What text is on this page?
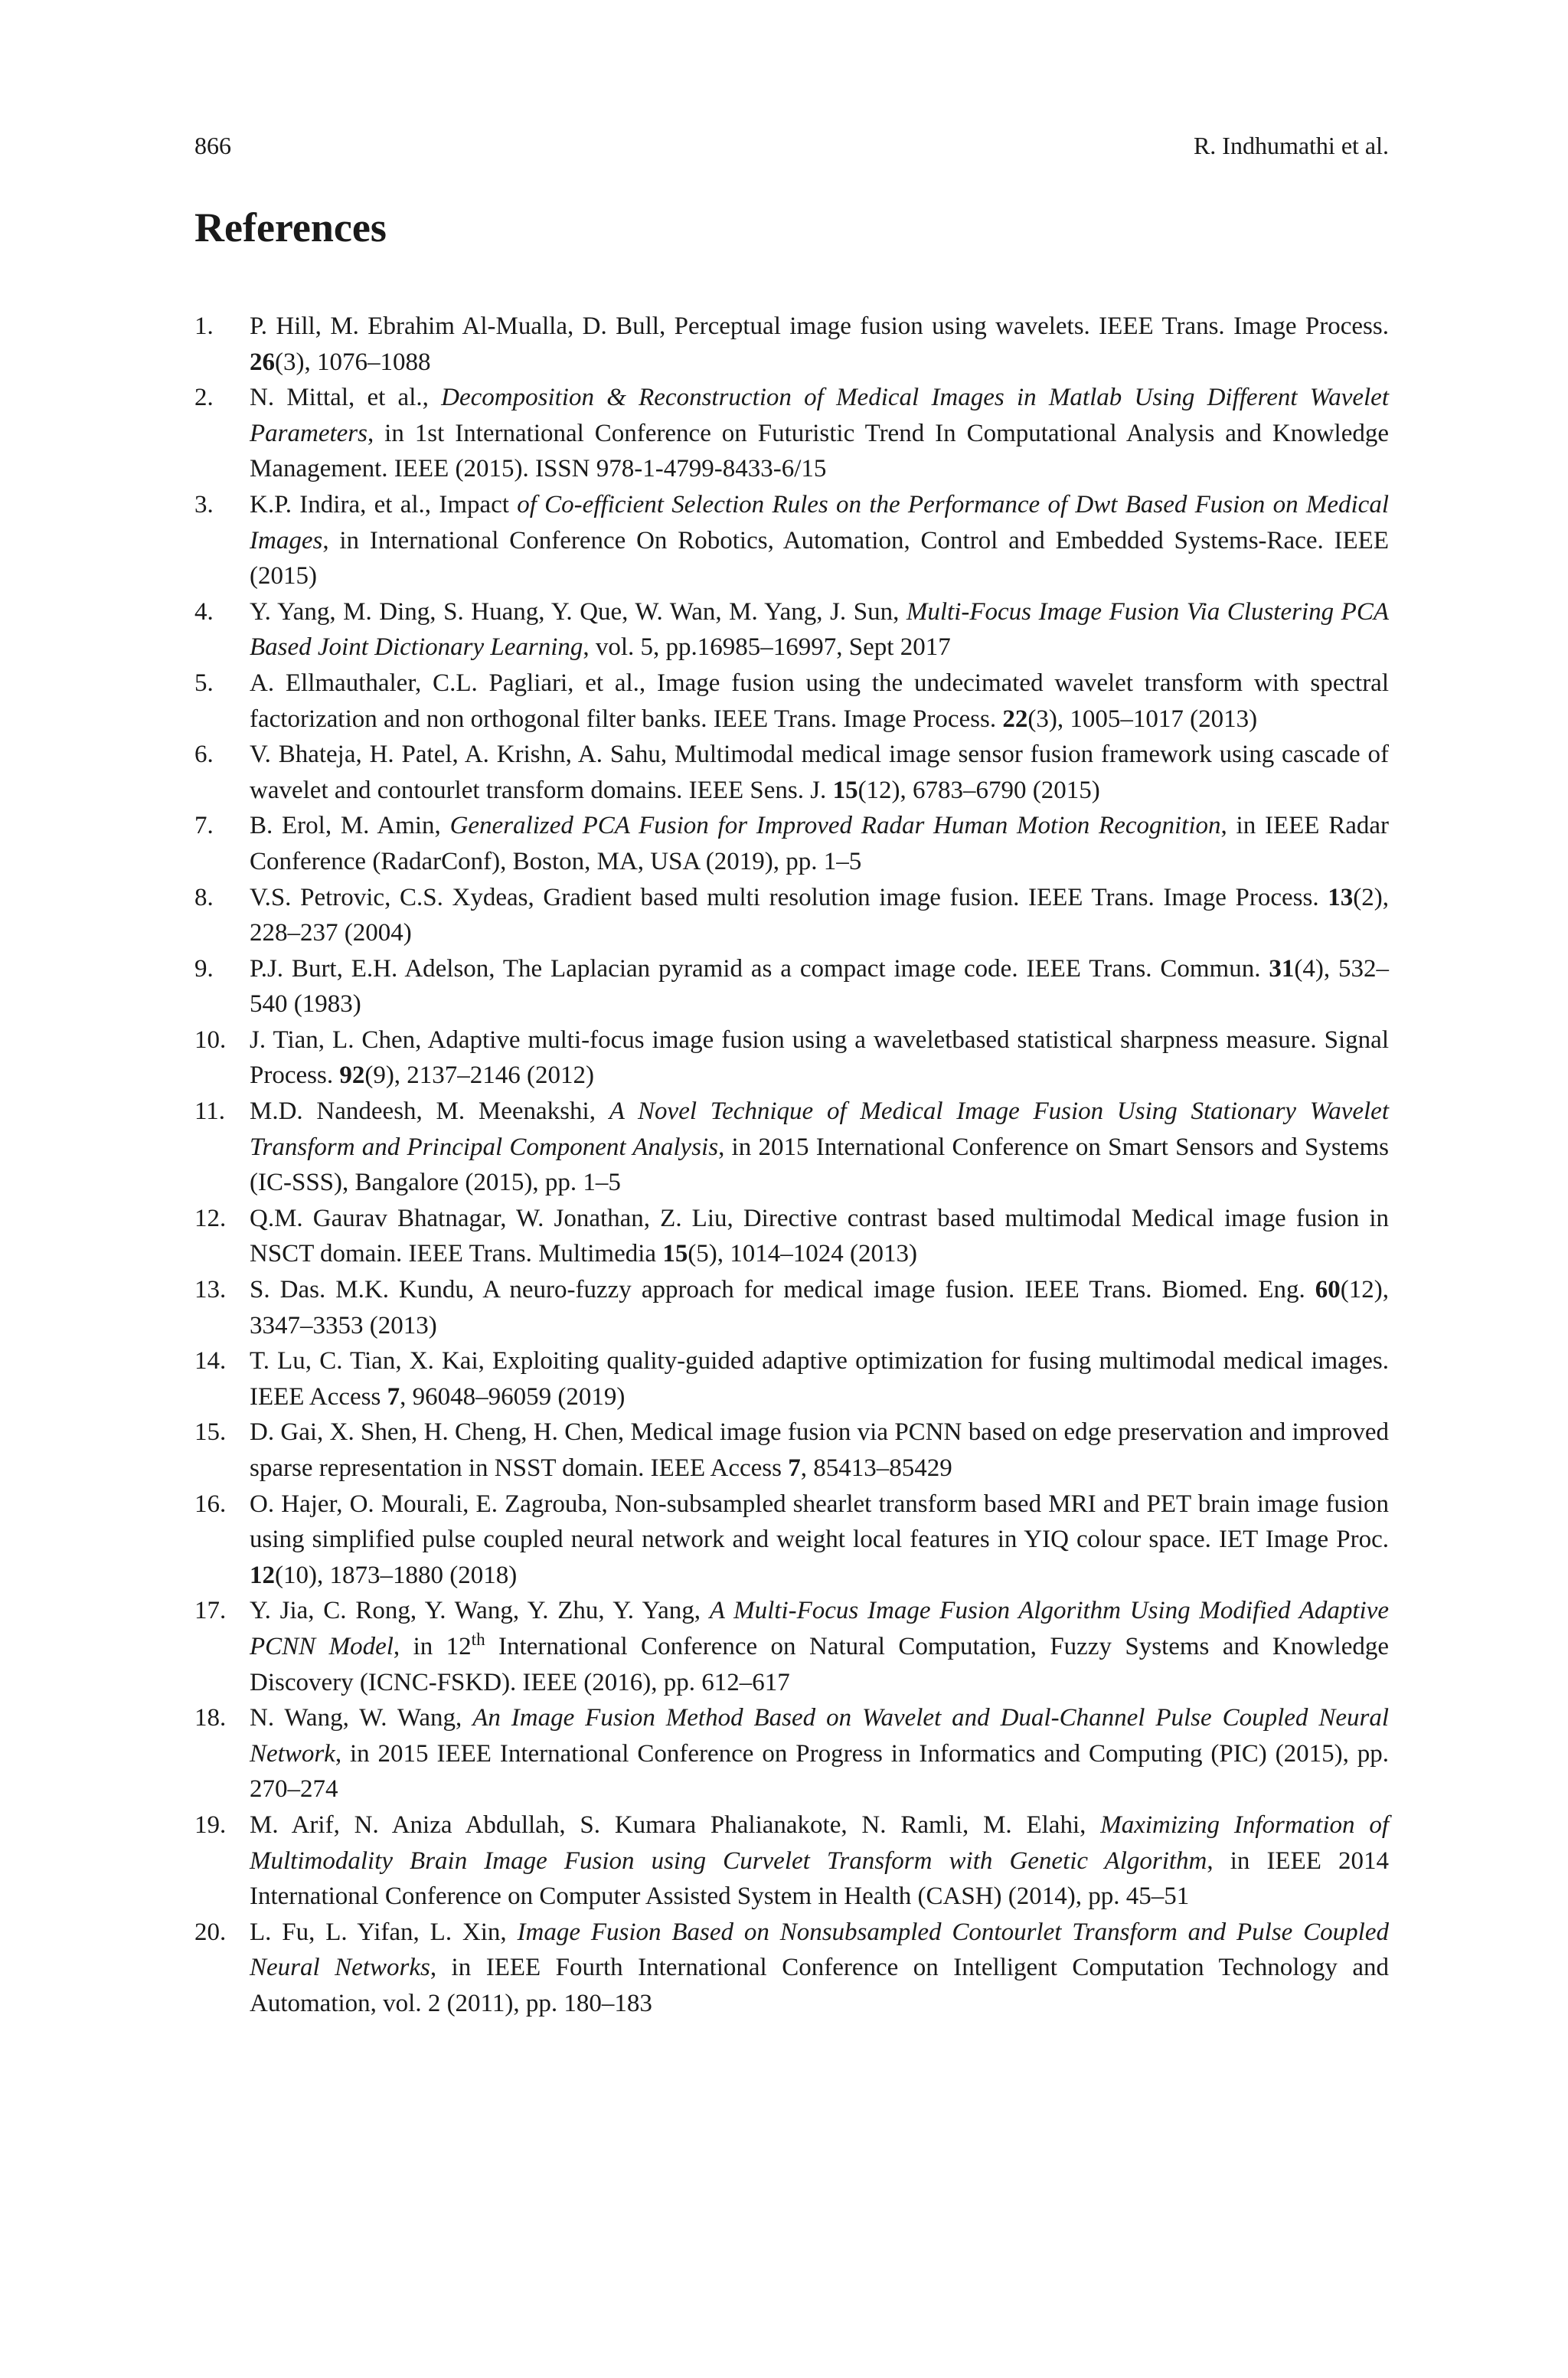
866	R. Indhumathi et al.
References
1.	P. Hill, M. Ebrahim Al-Mualla, D. Bull, Perceptual image fusion using wavelets. IEEE Trans. Image Process. 26(3), 1076–1088
2.	N. Mittal, et al., Decomposition & Reconstruction of Medical Images in Matlab Using Different Wavelet Parameters, in 1st International Conference on Futuristic Trend In Computational Analysis and Knowledge Management. IEEE (2015). ISSN 978-1-4799-8433-6/15
3.	K.P. Indira, et al., Impact of Co-efficient Selection Rules on the Performance of Dwt Based Fusion on Medical Images, in International Conference On Robotics, Automation, Control and Embedded Systems-Race. IEEE (2015)
4.	Y. Yang, M. Ding, S. Huang, Y. Que, W. Wan, M. Yang, J. Sun, Multi-Focus Image Fusion Via Clustering PCA Based Joint Dictionary Learning, vol. 5, pp.16985–16997, Sept 2017
5.	A. Ellmauthaler, C.L. Pagliari, et al., Image fusion using the undecimated wavelet transform with spectral factorization and non orthogonal filter banks. IEEE Trans. Image Process. 22(3), 1005–1017 (2013)
6.	V. Bhateja, H. Patel, A. Krishn, A. Sahu, Multimodal medical image sensor fusion framework using cascade of wavelet and contourlet transform domains. IEEE Sens. J. 15(12), 6783–6790 (2015)
7.	B. Erol, M. Amin, Generalized PCA Fusion for Improved Radar Human Motion Recognition, in IEEE Radar Conference (RadarConf), Boston, MA, USA (2019), pp. 1–5
8.	V.S. Petrovic, C.S. Xydeas, Gradient based multi resolution image fusion. IEEE Trans. Image Process. 13(2), 228–237 (2004)
9.	P.J. Burt, E.H. Adelson, The Laplacian pyramid as a compact image code. IEEE Trans. Commun. 31(4), 532–540 (1983)
10. J. Tian, L. Chen, Adaptive multi-focus image fusion using a waveletbased statistical sharpness measure. Signal Process. 92(9), 2137–2146 (2012)
11. M.D. Nandeesh, M. Meenakshi, A Novel Technique of Medical Image Fusion Using Stationary Wavelet Transform and Principal Component Analysis, in 2015 International Conference on Smart Sensors and Systems (IC-SSS), Bangalore (2015), pp. 1–5
12. Q.M. Gaurav Bhatnagar, W. Jonathan, Z. Liu, Directive contrast based multimodal Medical image fusion in NSCT domain. IEEE Trans. Multimedia 15(5), 1014–1024 (2013)
13. S. Das. M.K. Kundu, A neuro-fuzzy approach for medical image fusion. IEEE Trans. Biomed. Eng. 60(12), 3347–3353 (2013)
14. T. Lu, C. Tian, X. Kai, Exploiting quality-guided adaptive optimization for fusing multimodal medical images. IEEE Access 7, 96048–96059 (2019)
15. D. Gai, X. Shen, H. Cheng, H. Chen, Medical image fusion via PCNN based on edge preservation and improved sparse representation in NSST domain. IEEE Access 7, 85413–85429
16. O. Hajer, O. Mourali, E. Zagrouba, Non-subsampled shearlet transform based MRI and PET brain image fusion using simplified pulse coupled neural network and weight local features in YIQ colour space. IET Image Proc. 12(10), 1873–1880 (2018)
17. Y. Jia, C. Rong, Y. Wang, Y. Zhu, Y. Yang, A Multi-Focus Image Fusion Algorithm Using Modified Adaptive PCNN Model, in 12th International Conference on Natural Computation, Fuzzy Systems and Knowledge Discovery (ICNC-FSKD). IEEE (2016), pp. 612–617
18. N. Wang, W. Wang, An Image Fusion Method Based on Wavelet and Dual-Channel Pulse Coupled Neural Network, in 2015 IEEE International Conference on Progress in Informatics and Computing (PIC) (2015), pp. 270–274
19. M. Arif, N. Aniza Abdullah, S. Kumara Phalianakote, N. Ramli, M. Elahi, Maximizing Information of Multimodality Brain Image Fusion using Curvelet Transform with Genetic Algorithm, in IEEE 2014 International Conference on Computer Assisted System in Health (CASH) (2014), pp. 45–51
20. L. Fu, L. Yifan, L. Xin, Image Fusion Based on Nonsubsampled Contourlet Transform and Pulse Coupled Neural Networks, in IEEE Fourth International Conference on Intelligent Computation Technology and Automation, vol. 2 (2011), pp. 180–183
